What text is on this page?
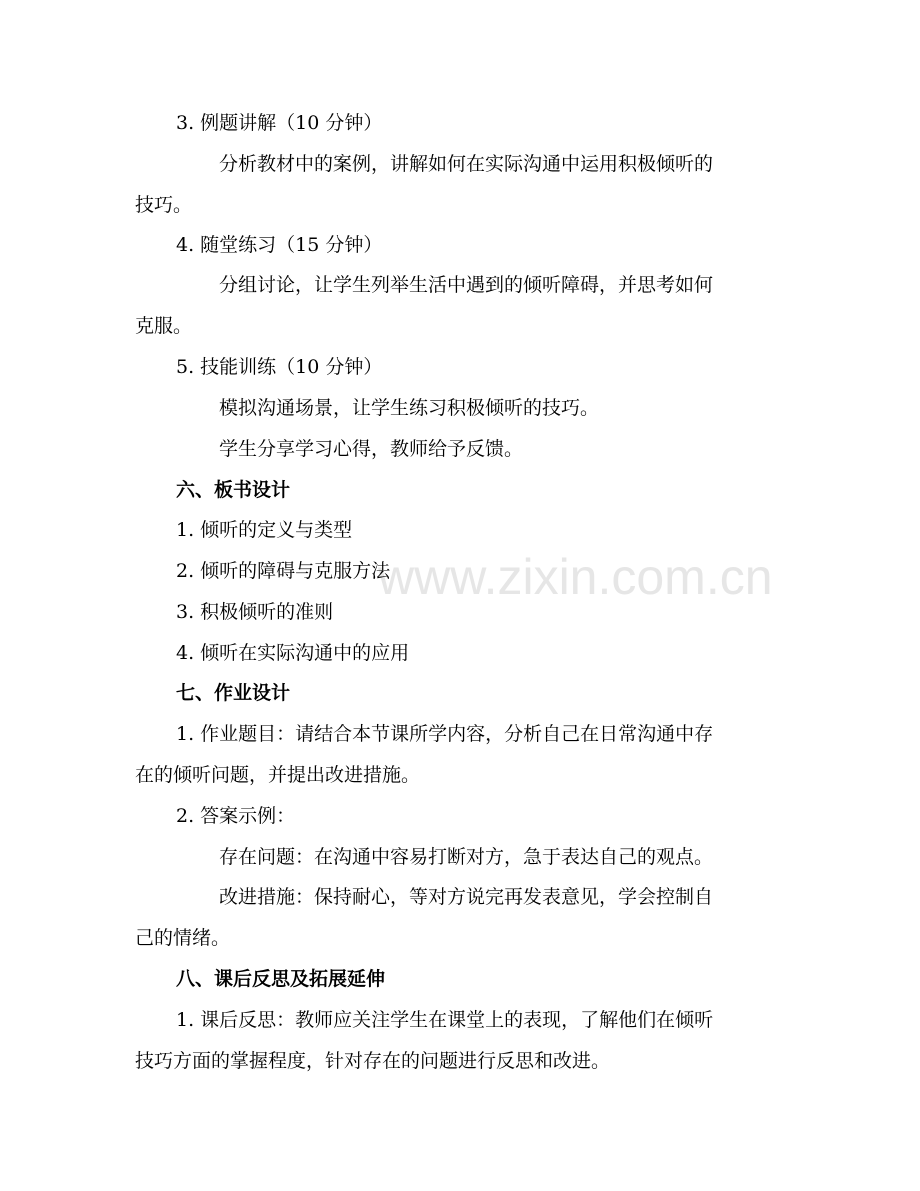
www.zixin.com.cn
3. 例题讲解（10 分钟）
分析教材中的案例，讲解如何在实际沟通中运用积极倾听的
技巧。
4. 随堂练习（15 分钟）
分组讨论，让学生列举生活中遇到的倾听障碍，并思考如何
克服。
5. 技能训练（10 分钟）
模拟沟通场景，让学生练习积极倾听的技巧。
学生分享学习心得，教师给予反馈。
六、板书设计
1. 倾听的定义与类型
2. 倾听的障碍与克服方法
3. 积极倾听的准则
4. 倾听在实际沟通中的应用
七、作业设计
1. 作业题目：请结合本节课所学内容，分析自己在日常沟通中存
在的倾听问题，并提出改进措施。
2. 答案示例：
存在问题：在沟通中容易打断对方，急于表达自己的观点。
改进措施：保持耐心，等对方说完再发表意见，学会控制自
己的情绪。
八、课后反思及拓展延伸
1. 课后反思：教师应关注学生在课堂上的表现，了解他们在倾听
技巧方面的掌握程度，针对存在的问题进行反思和改进。
